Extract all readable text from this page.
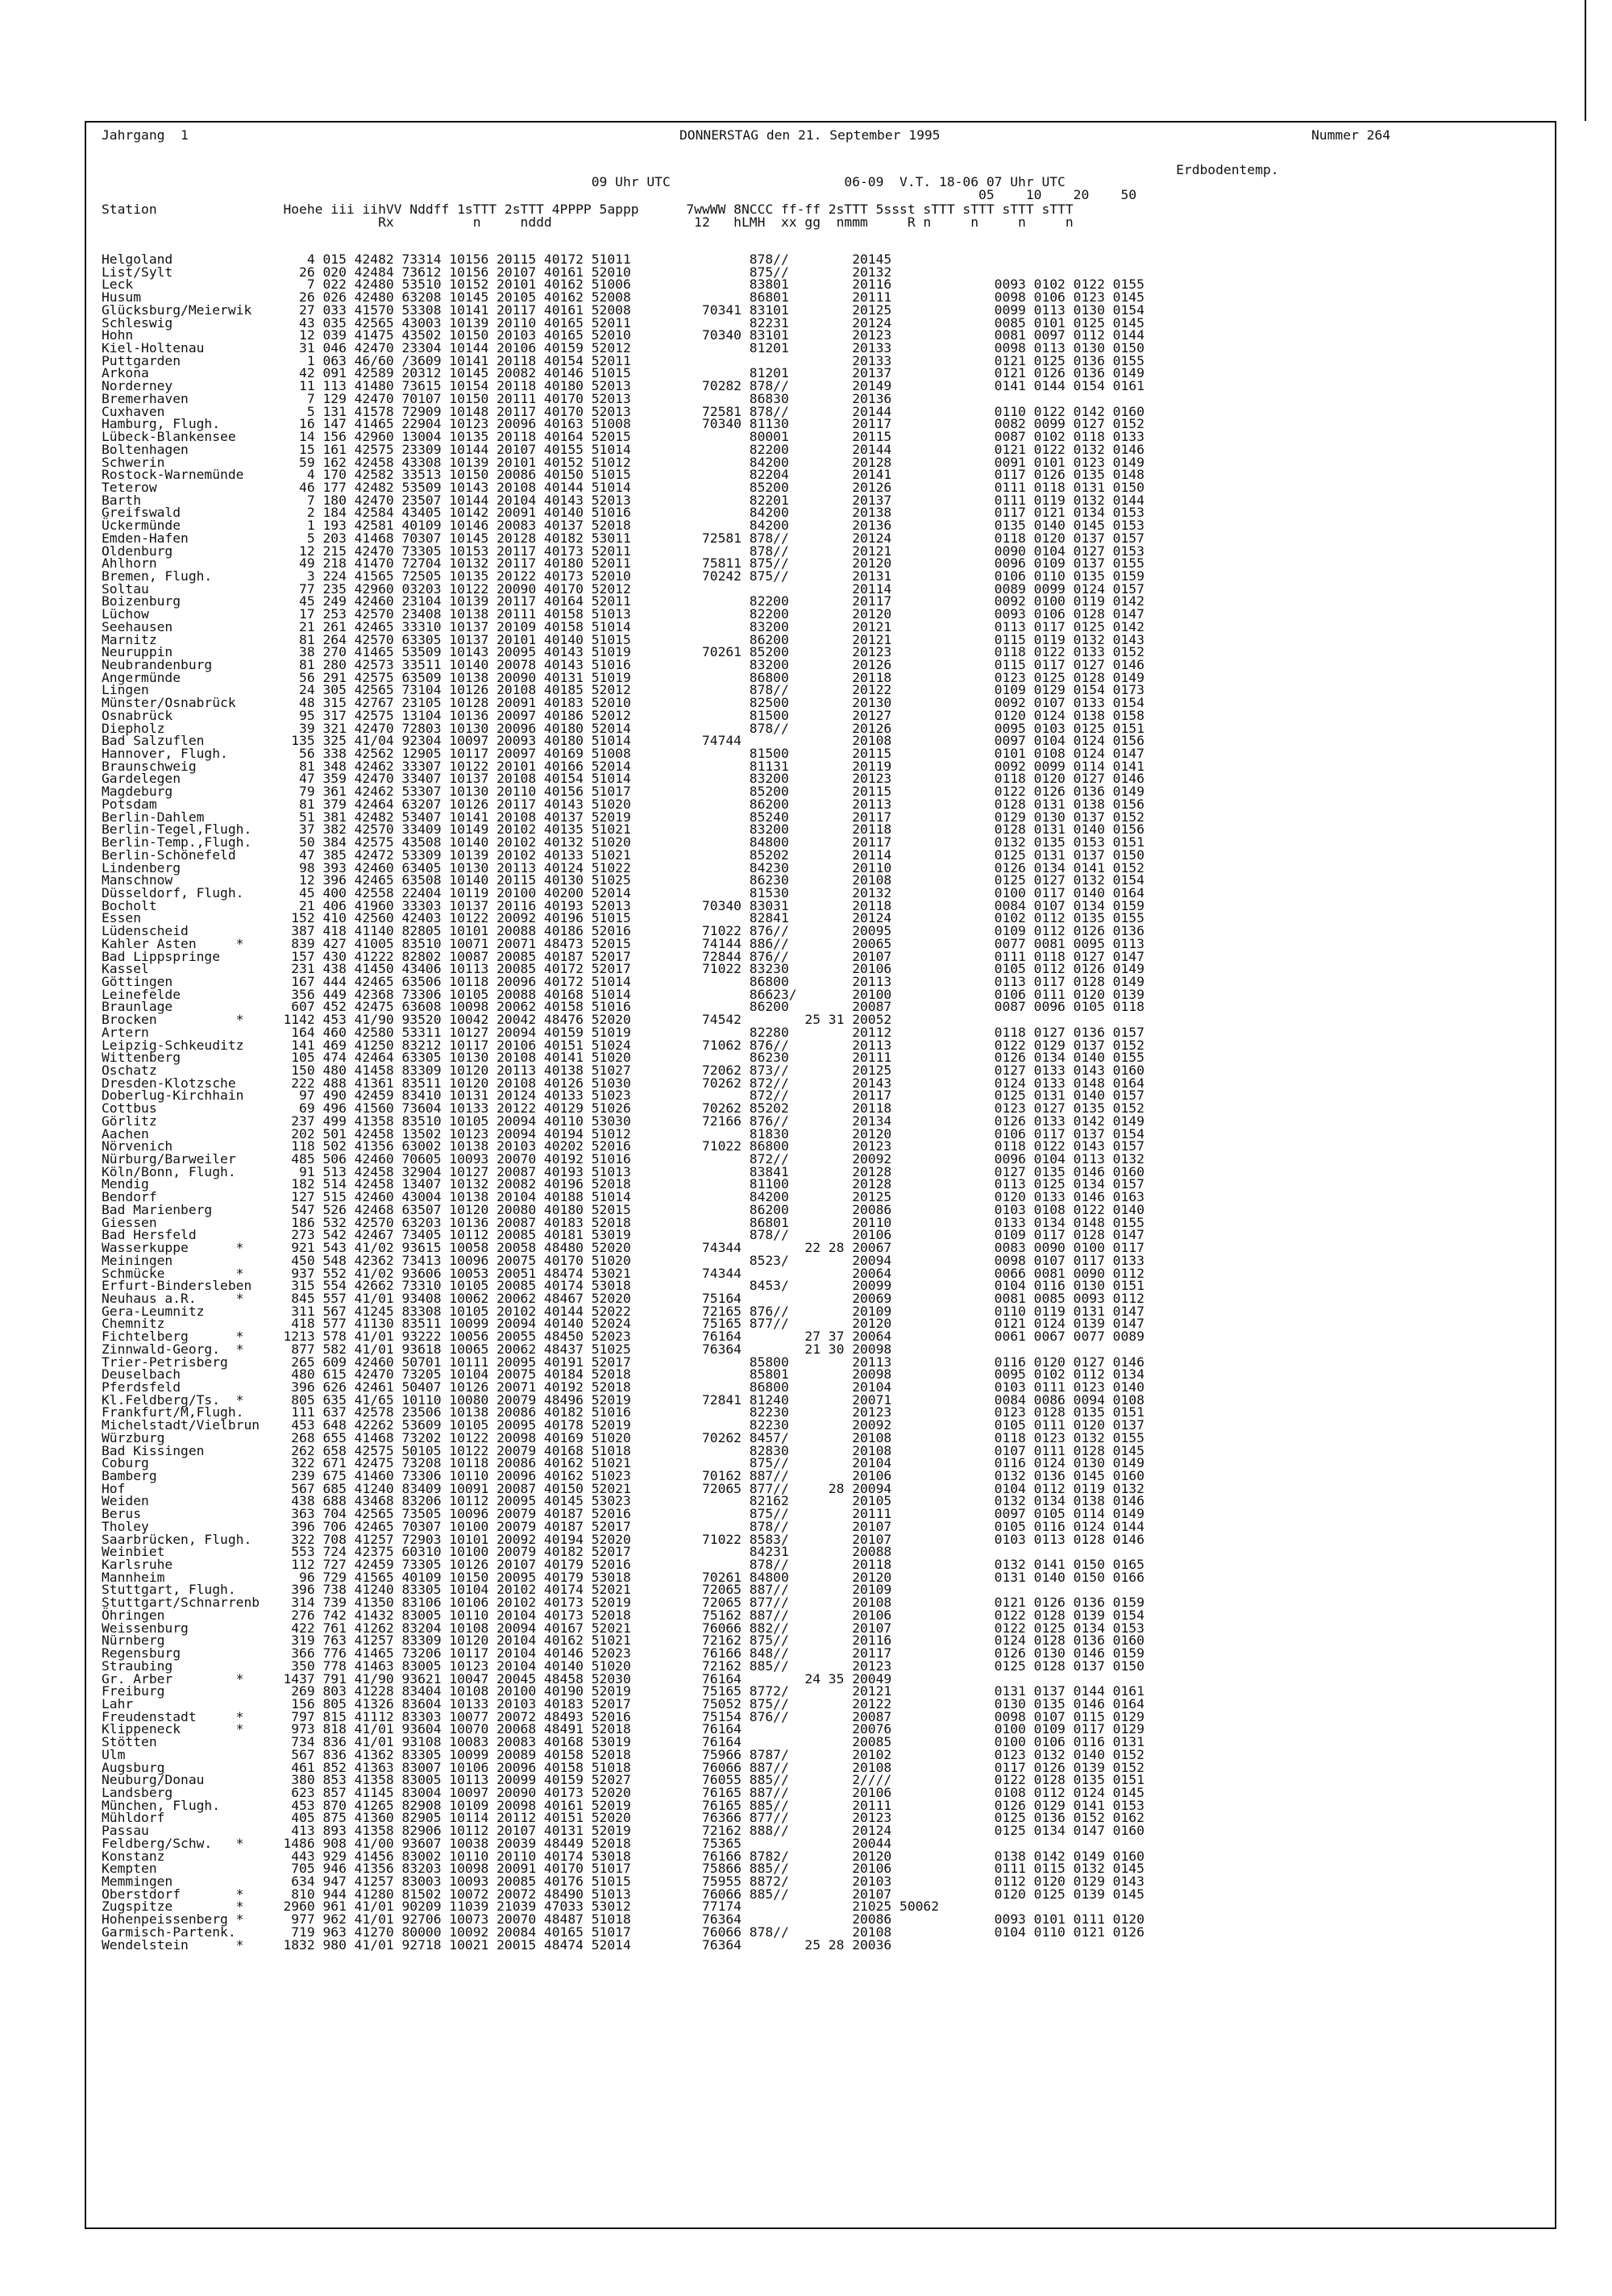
Jahrgang  1	DONNERSTAG den 21. September 1995	Nummer 264
Erdbodentemp.
09 Uhr UTC                      06-09  V.T. 18-06 07 Uhr UTC
05    10    20    50
Station                Hoehe iii iihVV Nddff 1sTTT 2sTTT 4PPPP 5appp      7wwWW 8NCCC ff-ff 2sTTT 5ssst sTTT sTTT sTTT sTTT
Rx          n     nddd                  12   hLMH  xx gg  nmmm     R n     n     n     n
Helgoland                 4 015 42482 73314 10156 20115 40172 51011               878//        20145
List/Sylt                26 020 42484 73612 10156 20107 40161 52010               875//        20132
Leck                      7 022 42480 53510 10152 20101 40162 51006               83801        20116             0093 0102 0122 0155
Husum                    26 026 42480 63208 10145 20105 40162 52008               86801        20111             0098 0106 0123 0145
Glücksburg/Meierwik      27 033 41570 53308 10141 20117 40161 52008         70341 83101        20125             0099 0113 0130 0154
Schleswig                43 035 42565 43003 10139 20110 40165 52011               82231        20124             0085 0101 0125 0145
Hohn                     12 039 41475 43502 10150 20103 40165 52010         70340 83101        20123             0081 0097 0112 0144
Kiel-Holtenau            31 046 42470 23304 10144 20106 40159 52012               81201        20133             0098 0113 0130 0150
Puttgarden                1 063 46/60 /3609 10141 20118 40154 52011                            20133             0121 0125 0136 0155
Arkona                   42 091 42589 20312 10145 20082 40146 51015               81201        20137             0121 0126 0136 0149
Norderney                11 113 41480 73615 10154 20118 40180 52013         70282 878//        20149             0141 0144 0154 0161
Bremerhaven               7 129 42470 70107 10150 20111 40170 52013               86830        20136
Cuxhaven                  5 131 41578 72909 10148 20117 40170 52013         72581 878//        20144             0110 0122 0142 0160
Hamburg, Flugh.          16 147 41465 22904 10123 20096 40163 51008         70340 81130        20117             0082 0099 0127 0152
Lübeck-Blankensee        14 156 42960 13004 10135 20118 40164 52015               80001        20115             0087 0102 0118 0133
Boltenhagen              15 161 42575 23309 10144 20107 40155 51014               82200        20144             0121 0122 0132 0146
Schwerin                 59 162 42458 43308 10139 20101 40152 51012               84200        20128             0091 0101 0123 0149
Rostock-Warnemünde        4 170 42582 33513 10150 20086 40150 51015               82204        20141             0117 0126 0135 0148
Teterow                  46 177 42482 53509 10143 20108 40144 51014               85200        20126             0111 0118 0131 0150
Barth                     7 180 42470 23507 10144 20104 40143 52013               82201        20137             0111 0119 0132 0144
Greifswald                2 184 42584 43405 10142 20091 40140 51016               84200        20138             0117 0121 0134 0153
Ückermünde                1 193 42581 40109 10146 20083 40137 52018               84200        20136             0135 0140 0145 0153
Emden-Hafen               5 203 41468 70307 10145 20128 40182 53011         72581 878//        20124             0118 0120 0137 0157
Oldenburg                12 215 42470 73305 10153 20117 40173 52011               878//        20121             0090 0104 0127 0153
Ahlhorn                  49 218 41470 72704 10132 20117 40180 52011         75811 875//        20120             0096 0109 0137 0155
Bremen, Flugh.            3 224 41565 72505 10135 20122 40173 52010         70242 875//        20131             0106 0110 0135 0159
Soltau                   77 235 42960 03203 10122 20090 40170 52012                            20114             0089 0099 0124 0157
Boizenburg               45 249 42460 23104 10139 20117 40164 52011               82200        20117             0092 0100 0119 0142
Lüchow                   17 253 42570 23408 10138 20111 40158 51013               82200        20120             0093 0106 0128 0147
Seehausen                21 261 42465 33310 10137 20109 40158 51014               83200        20121             0113 0117 0125 0142
Marnitz                  81 264 42570 63305 10137 20101 40140 51015               86200        20121             0115 0119 0132 0143
Neuruppin                38 270 41465 53509 10143 20095 40143 51019         70261 85200        20123             0118 0122 0133 0152
Neubrandenburg           81 280 42573 33511 10140 20078 40143 51016               83200        20126             0115 0117 0127 0146
Angermünde               56 291 42575 63509 10138 20090 40131 51019               86800        20118             0123 0125 0128 0149
Lingen                   24 305 42565 73104 10126 20108 40185 52012               878//        20122             0109 0129 0154 0173
Münster/Osnabrück        48 315 42767 23105 10128 20091 40183 52010               82500        20130             0092 0107 0133 0154
Osnabrück                95 317 42575 13104 10136 20097 40186 52012               81500        20127             0120 0124 0138 0158
Diepholz                 39 321 42470 72803 10130 20096 40180 52014               878//        20126             0095 0103 0125 0151
Bad Salzuflen           135 325 41/04 92304 10097 20093 40180 51014         74744              20108             0097 0104 0124 0156
Hannover, Flugh.         56 338 42562 12905 10117 20097 40169 51008               81500        20115             0101 0108 0124 0147
Braunschweig             81 348 42462 33307 10122 20101 40166 52014               81131        20119             0092 0099 0114 0141
Gardelegen               47 359 42470 33407 10137 20108 40154 51014               83200        20123             0118 0120 0127 0146
Magdeburg                79 361 42462 53307 10130 20110 40156 51017               85200        20115             0122 0126 0136 0149
Potsdam                  81 379 42464 63207 10126 20117 40143 51020               86200        20113             0128 0131 0138 0156
Berlin-Dahlem            51 381 42482 53407 10141 20108 40137 52019               85240        20117             0129 0130 0137 0152
Berlin-Tegel,Flugh.      37 382 42570 33409 10149 20102 40135 51021               83200        20118             0128 0131 0140 0156
Berlin-Temp.,Flugh.      50 384 42575 43508 10140 20102 40132 51020               84800        20117             0132 0135 0153 0151
Berlin-Schönefeld        47 385 42472 53309 10139 20102 40133 51021               85202        20114             0125 0131 0137 0150
Lindenberg               98 393 42460 63405 10130 20113 40124 51022               84230        20110             0126 0134 0141 0152
Manschnow                12 396 42465 63508 10140 20115 40130 51025               86230        20108             0125 0127 0132 0154
Düsseldorf, Flugh.       45 400 42558 22404 10119 20100 40200 52014               81530        20132             0100 0117 0140 0164
Bocholt                  21 406 41960 33303 10137 20116 40193 52013         70340 83031        20118             0084 0107 0134 0159
Essen                   152 410 42560 42403 10122 20092 40196 51015               82841        20124             0102 0112 0135 0155
Lüdenscheid             387 418 41140 82805 10101 20088 40186 52016         71022 876//        20095             0109 0112 0126 0136
Kahler Asten     *      839 427 41005 83510 10071 20071 48473 52015         74144 886//        20065             0077 0081 0095 0113
Bad Lippspringe         157 430 41222 82802 10087 20085 40187 52017         72844 876//        20107             0111 0118 0127 0147
Kassel                  231 438 41450 43406 10113 20085 40172 52017         71022 83230        20106             0105 0112 0126 0149
Göttingen               167 444 42465 63506 10118 20096 40172 51014               86800        20113             0113 0117 0128 0149
Leinefelde              356 449 42368 73306 10105 20088 40168 51014               86623/       20100             0106 0111 0120 0139
Braunlage               607 452 42475 63608 10098 20062 40158 51016               86200        20087             0087 0096 0105 0118
Brocken          *     1142 453 41/90 93520 10042 20042 48476 52020         74542        25 31 20052
Artern                  164 460 42580 53311 10127 20094 40159 51019               82280        20112             0118 0127 0136 0157
Leipzig-Schkeuditz      141 469 41250 83212 10117 20106 40151 51024         71062 876//        20113             0122 0129 0137 0152
Wittenberg              105 474 42464 63305 10130 20108 40141 51020               86230        20111             0126 0134 0140 0155
Oschatz                 150 480 41458 83309 10120 20113 40138 51027         72062 873//        20125             0127 0133 0143 0160
Dresden-Klotzsche       222 488 41361 83511 10120 20108 40126 51030         70262 872//        20143             0124 0133 0148 0164
Doberlug-Kirchhain       97 490 42459 83410 10131 20124 40133 51023               872//        20117             0125 0131 0140 0157
Cottbus                  69 496 41560 73604 10133 20122 40129 51026         70262 85202        20118             0123 0127 0135 0152
Görlitz                 237 499 41358 83510 10105 20094 40110 53030         72166 876//        20134             0126 0133 0142 0149
Aachen                  202 501 42458 13502 10123 20094 40194 51012               81830        20120             0106 0117 0137 0154
Nörvenich               118 502 41356 63002 10138 20103 40202 52016         71022 86800        20123             0118 0122 0143 0157
Nürburg/Barweiler       485 506 42460 70605 10093 20070 40192 51016               872//        20092             0096 0104 0113 0132
Köln/Bonn, Flugh.        91 513 42458 32904 10127 20087 40193 51013               83841        20128             0127 0135 0146 0160
Mendig                  182 514 42458 13407 10132 20082 40196 52018               81100        20128             0113 0125 0134 0157
Bendorf                 127 515 42460 43004 10138 20104 40188 51014               84200        20125             0120 0133 0146 0163
Bad Marienberg          547 526 42468 63507 10120 20080 40180 52015               86200        20086             0103 0108 0122 0140
Giessen                 186 532 42570 63203 10136 20087 40183 52018               86801        20110             0133 0134 0148 0155
Bad Hersfeld            273 542 42467 73405 10112 20085 40181 53019               878//        20106             0109 0117 0128 0147
Wasserkuppe      *      921 543 41/02 93615 10058 20058 48480 52020         74344        22 28 20067             0083 0090 0100 0117
Meiningen               450 548 42362 73413 10096 20075 40170 51020               8523/        20094             0098 0107 0117 0133
Schmücke         *      937 552 41/02 93606 10053 20051 48474 53021         74344              20064             0066 0081 0090 0112
Erfurt-Bindersleben     315 554 42662 73310 10105 20085 40174 53018               8453/        20099             0104 0116 0130 0151
Neuhaus a.R.     *      845 557 41/01 93408 10062 20062 48467 52020         75164              20069             0081 0085 0093 0112
Gera-Leumnitz           311 567 41245 83308 10105 20102 40144 52022         72165 876//        20109             0110 0119 0131 0147
Chemnitz                418 577 41130 83511 10099 20094 40140 52024         75165 877//        20120             0121 0124 0139 0147
Fichtelberg      *     1213 578 41/01 93222 10056 20055 48450 52023         76164        27 37 20064             0061 0067 0077 0089
Zinnwald-Georg.  *      877 582 41/01 93618 10065 20062 48437 51025         76364        21 30 20098
Trier-Petrisberg        265 609 42460 50701 10111 20095 40191 52017               85800        20113             0116 0120 0127 0146
Deuselbach              480 615 42470 73205 10104 20075 40184 52018               85801        20098             0095 0102 0112 0134
Pferdsfeld              396 626 42461 50407 10126 20071 40192 52018               86800        20104             0103 0111 0123 0140
Kl.Feldberg/Ts.  *      805 635 41/65 10110 10080 20079 48496 52019         72841 81240        20071             0084 0086 0094 0108
Frankfurt/M,Flugh.      111 637 42578 23506 10138 20086 40182 51016               82230        20123             0123 0128 0135 0151
Michelstadt/Vielbrun    453 648 42262 53609 10105 20095 40178 52019               82230        20092             0105 0111 0120 0137
Würzburg                268 655 41468 73202 10122 20098 40169 51020         70262 8457/        20108             0118 0123 0132 0155
Bad Kissingen           262 658 42575 50105 10122 20079 40168 51018               82830        20108             0107 0111 0128 0145
Coburg                  322 671 42475 73208 10118 20086 40162 51021               875//        20104             0116 0124 0130 0149
Bamberg                 239 675 41460 73306 10110 20096 40162 51023         70162 887//        20106             0132 0136 0145 0160
Hof                     567 685 41240 83409 10091 20087 40150 52021         72065 877//     28 20094             0104 0112 0119 0132
Weiden                  438 688 43468 83206 10112 20095 40145 53023               82162        20105             0132 0134 0138 0146
Berus                   363 704 42565 73505 10096 20079 40187 52016               875//        20111             0097 0105 0114 0149
Tholey                  396 706 42465 70307 10100 20079 40187 52017               878//        20107             0105 0116 0124 0144
Saarbrücken, Flugh.     322 708 41257 72903 10101 20092 40194 52020         71022 8583/        20107             0103 0113 0128 0146
Weinbiet                553 724 42375 60310 10100 20079 40182 52017               84231        20088
Karlsruhe               112 727 42459 73305 10126 20107 40179 52016               878//        20118             0132 0141 0150 0165
Mannheim                 96 729 41565 40109 10150 20095 40179 53018         70261 84800        20120             0131 0140 0150 0166
Stuttgart, Flugh.       396 738 41240 83305 10104 20102 40174 52021         72065 887//        20109
Stuttgart/Schnarrenb    314 739 41350 83106 10106 20102 40173 52019         72065 877//        20108             0121 0126 0136 0159
Öhringen                276 742 41432 83005 10110 20104 40173 52018         75162 887//        20106             0122 0128 0139 0154
Weissenburg             422 761 41262 83204 10108 20094 40167 52021         76066 882//        20107             0122 0125 0134 0153
Nürnberg                319 763 41257 83309 10120 20104 40162 51021         72162 875//        20116             0124 0128 0136 0160
Regensburg              366 776 41465 73206 10117 20104 40146 52023         76166 848//        20117             0126 0130 0146 0159
Straubing               350 778 41463 83005 10123 20104 40140 51020         72162 885//        20123             0125 0128 0137 0150
Gr. Arber        *     1437 791 41/90 93621 10047 20045 48458 52030         76164        24 35 20049
Freiburg                269 803 41228 83404 10108 20100 40190 52019         75165 8772/        20121             0131 0137 0144 0161
Lahr                    156 805 41326 83604 10133 20103 40183 52017         75052 875//        20122             0130 0135 0146 0164
Freudenstadt     *      797 815 41112 83303 10077 20072 48493 52016         75154 876//        20087             0098 0107 0115 0129
Klippeneck       *      973 818 41/01 93604 10070 20068 48491 52018         76164              20076             0100 0109 0117 0129
Stötten                 734 836 41/01 93108 10083 20083 40168 53019         76164              20085             0100 0106 0116 0131
Ulm                     567 836 41362 83305 10099 20089 40158 52018         75966 8787/        20102             0123 0132 0140 0152
Augsburg                461 852 41363 83007 10106 20096 40158 51018         76066 887//        20108             0117 0126 0139 0152
Neuburg/Donau           380 853 41358 83005 10113 20099 40159 52027         76055 885//        2////             0122 0128 0135 0151
Landsberg               623 857 41145 83004 10097 20090 40173 52020         76165 887//        20106             0108 0112 0124 0145
München, Flugh.         453 870 41265 82908 10109 20098 40161 52019         76165 885//        20111             0126 0129 0141 0153
Mühldorf                405 875 41360 82905 10114 20112 40151 52020         76366 877//        20123             0125 0136 0152 0162
Passau                  413 893 41358 82906 10112 20107 40131 52019         72162 888//        20124             0125 0134 0147 0160
Feldberg/Schw.   *     1486 908 41/00 93607 10038 20039 48449 52018         75365              20044
Konstanz                443 929 41456 83002 10110 20110 40174 53018         76166 8782/        20120             0138 0142 0149 0160
Kempten                 705 946 41356 83203 10098 20091 40170 51017         75866 885//        20106             0111 0115 0132 0145
Memmingen               634 947 41257 83003 10093 20085 40176 51015         75955 8872/        20103             0112 0120 0129 0143
Oberstdorf       *      810 944 41280 81502 10072 20072 48490 51013         76066 885//        20107             0120 0125 0139 0145
Zugspitze        *     2960 961 41/01 90209 11039 21039 47033 53012         77174              21025 50062
Hohenpeissenberg *      977 962 41/01 92706 10073 20070 48487 51018         76364              20086             0093 0101 0111 0120
Garmisch-Partenk.       719 963 41270 80000 10092 20084 40165 51017         76066 878//        20108             0104 0110 0121 0126
Wendelstein      *     1832 980 41/01 92718 10021 20015 48474 52014         76364        25 28 20036
